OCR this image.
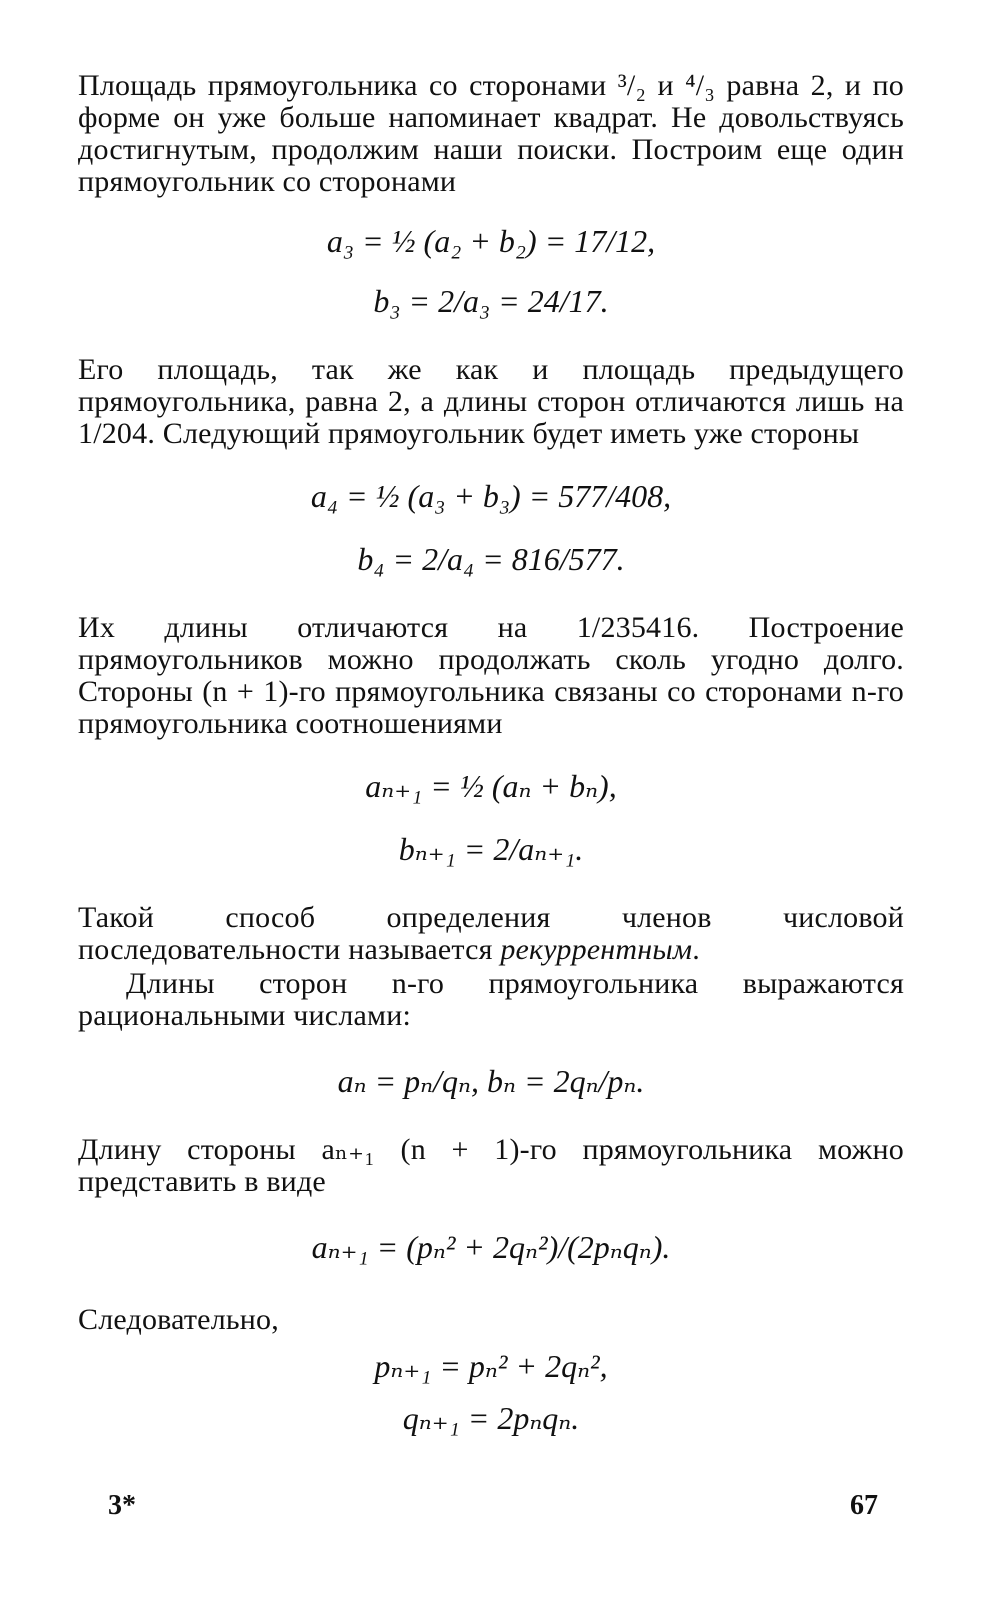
Площадь прямоугольника со сторонами ³/₂ и ⁴/₃ равна 2, и по форме он уже больше напоминает квадрат. Не довольствуясь достигнутым, продолжим наши поиски. Построим еще один прямоугольник со сторонами

a₃ = ½ (a₂ + b₂) = 17/12,
b₃ = 2/a₃ = 24/17.

Его площадь, так же как и площадь предыдущего прямоугольника, равна 2, а длины сторон отличаются лишь на 1/204. Следующий прямоугольник будет иметь уже стороны

a₄ = ½ (a₃ + b₃) = 577/408,
b₄ = 2/a₄ = 816/577.

Их длины отличаются на 1/235416. Построение прямоугольников можно продолжать сколь угодно долго. Стороны (n + 1)-го прямоугольника связаны со сторонами n-го прямоугольника соотношениями

aₙ₊₁ = ½ (aₙ + bₙ),
bₙ₊₁ = 2/aₙ₊₁.

Такой способ определения членов числовой последовательности называется рекуррентным.

Длины сторон n-го прямоугольника выражаются рациональными числами:

aₙ = pₙ/qₙ, bₙ = 2qₙ/pₙ.

Длину стороны aₙ₊₁ (n + 1)-го прямоугольника можно представить в виде

aₙ₊₁ = (pₙ² + 2qₙ²)/(2pₙqₙ).

Следовательно,

pₙ₊₁ = pₙ² + 2qₙ²,
qₙ₊₁ = 2pₙqₙ.
3*	67
